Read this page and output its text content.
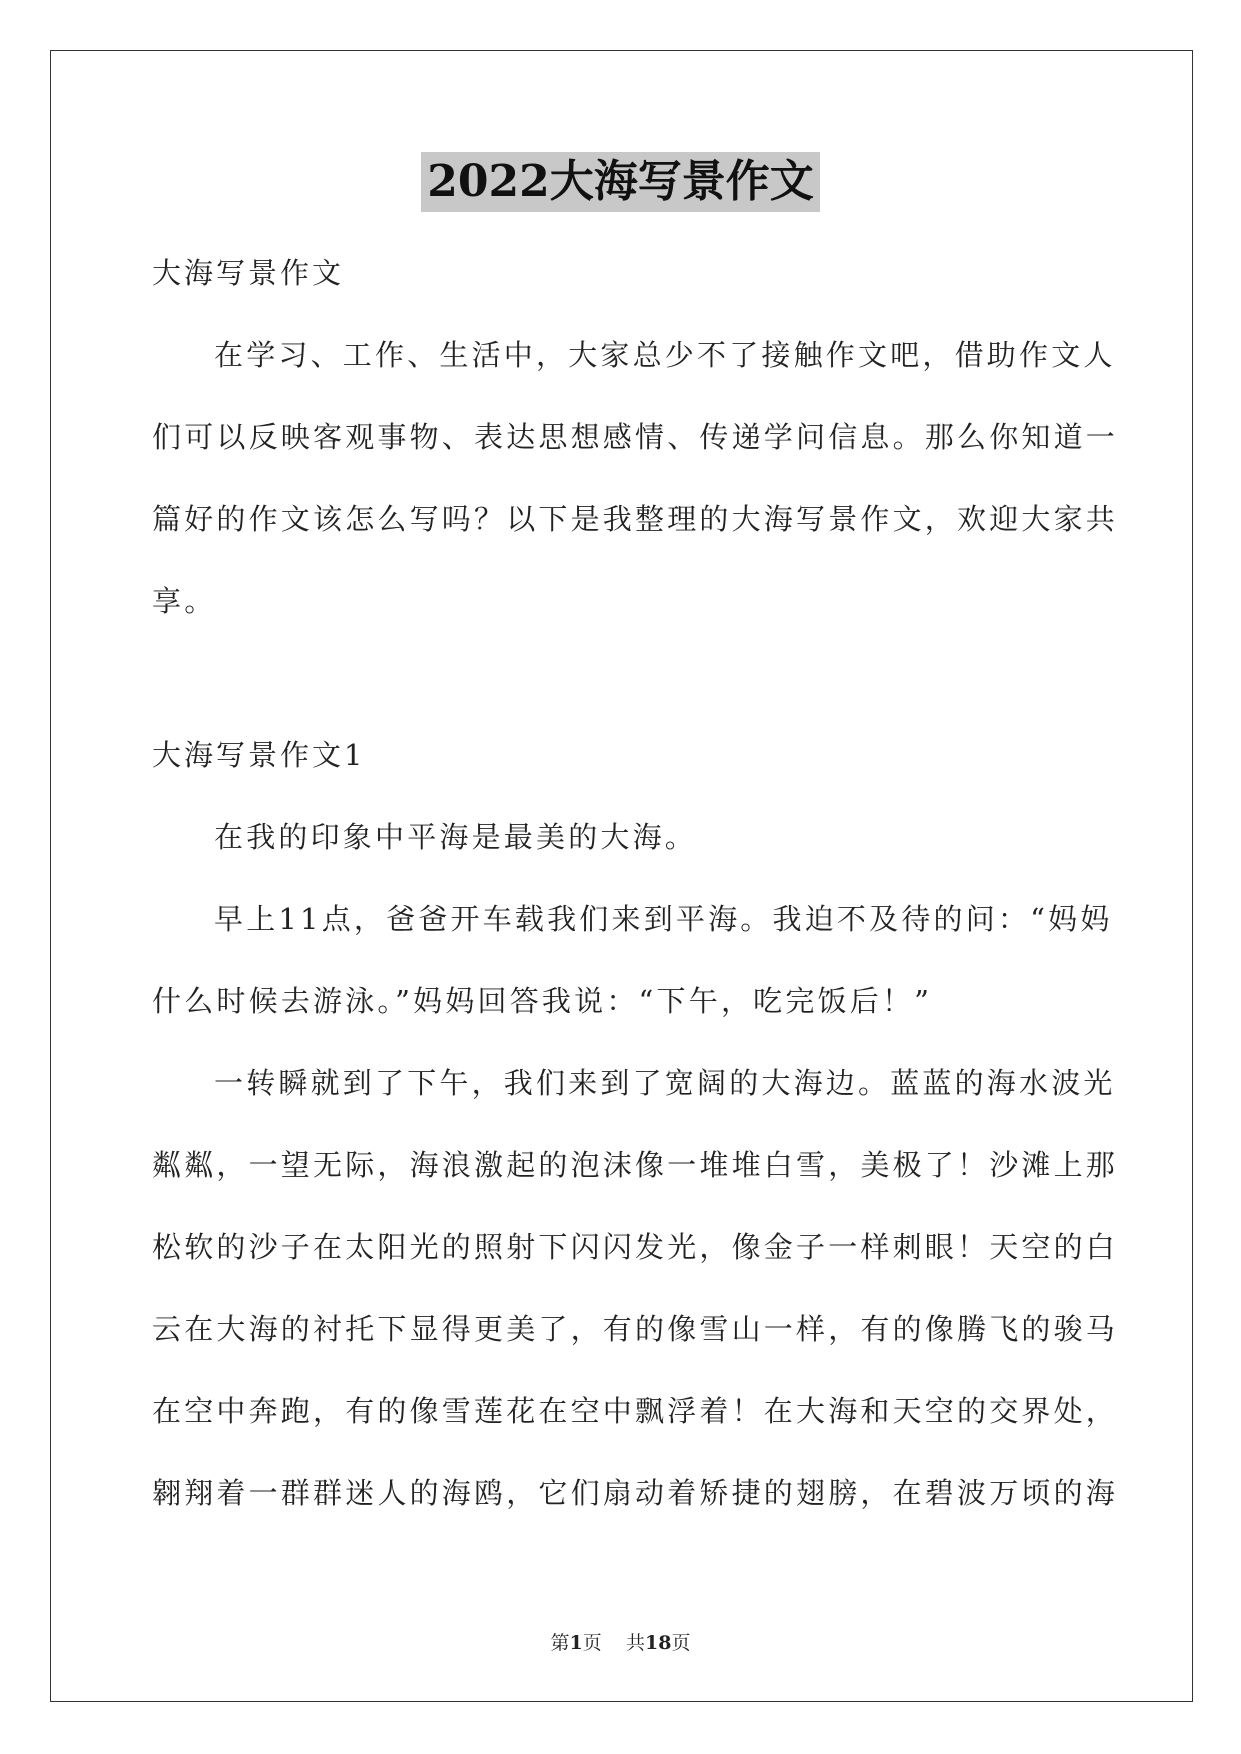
2022大海写景作文

大海写景作文

在学习、工作、生活中，大家总少不了接触作文吧，借助作文人
们可以反映客观事物、表达思想感情、传递学问信息。那么你知道一
篇好的作文该怎么写吗？以下是我整理的大海写景作文，欢迎大家共
享。

大海写景作文1

在我的印象中平海是最美的大海。

早上11点，爸爸开车载我们来到平海。我迫不及待的问：“妈妈
什么时候去游泳。”妈妈回答我说：“下午，吃完饭后！”

一转瞬就到了下午，我们来到了宽阔的大海边。蓝蓝的海水波光
粼粼，一望无际，海浪激起的泡沫像一堆堆白雪，美极了！沙滩上那
松软的沙子在太阳光的照射下闪闪发光，像金子一样刺眼！天空的白
云在大海的衬托下显得更美了，有的像雪山一样，有的像腾飞的骏马
在空中奔跑，有的像雪莲花在空中飘浮着！在大海和天空的交界处，
翱翔着一群群迷人的海鸥，它们扇动着矫捷的翅膀，在碧波万顷的海

第1页 共18页
